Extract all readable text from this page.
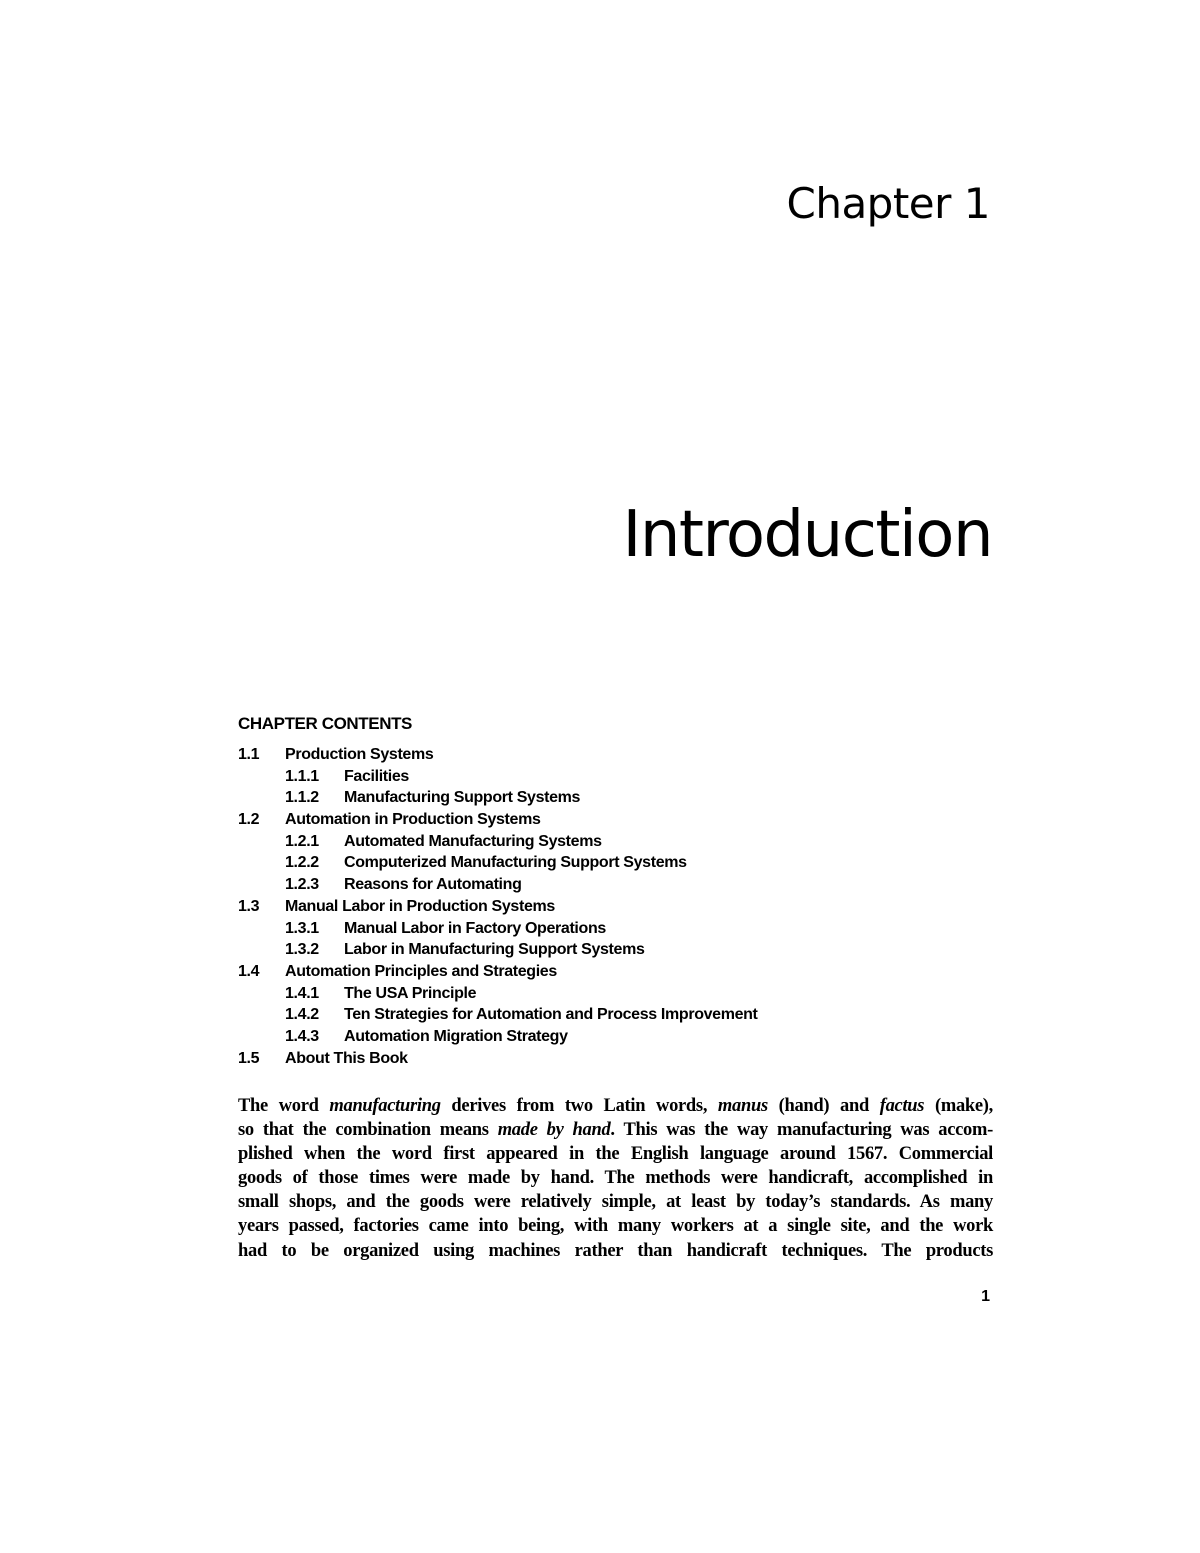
Chapter 1
Introduction
CHAPTER CONTENTS
1.1	Production Systems
1.1.1	Facilities
1.1.2	Manufacturing Support Systems
1.2	Automation in Production Systems
1.2.1	Automated Manufacturing Systems
1.2.2	Computerized Manufacturing Support Systems
1.2.3	Reasons for Automating
1.3	Manual Labor in Production Systems
1.3.1	Manual Labor in Factory Operations
1.3.2	Labor in Manufacturing Support Systems
1.4	Automation Principles and Strategies
1.4.1	The USA Principle
1.4.2	Ten Strategies for Automation and Process Improvement
1.4.3	Automation Migration Strategy
1.5	About This Book
The word manufacturing derives from two Latin words, manus (hand) and factus (make),
so that the combination means made by hand. This was the way manufacturing was accom-
plished when the word first appeared in the English language around 1567. Commercial
goods of those times were made by hand. The methods were handicraft, accomplished in
small shops, and the goods were relatively simple, at least by today’s standards. As many
years passed, factories came into being, with many workers at a single site, and the work
had to be organized using machines rather than handicraft techniques. The products
1
